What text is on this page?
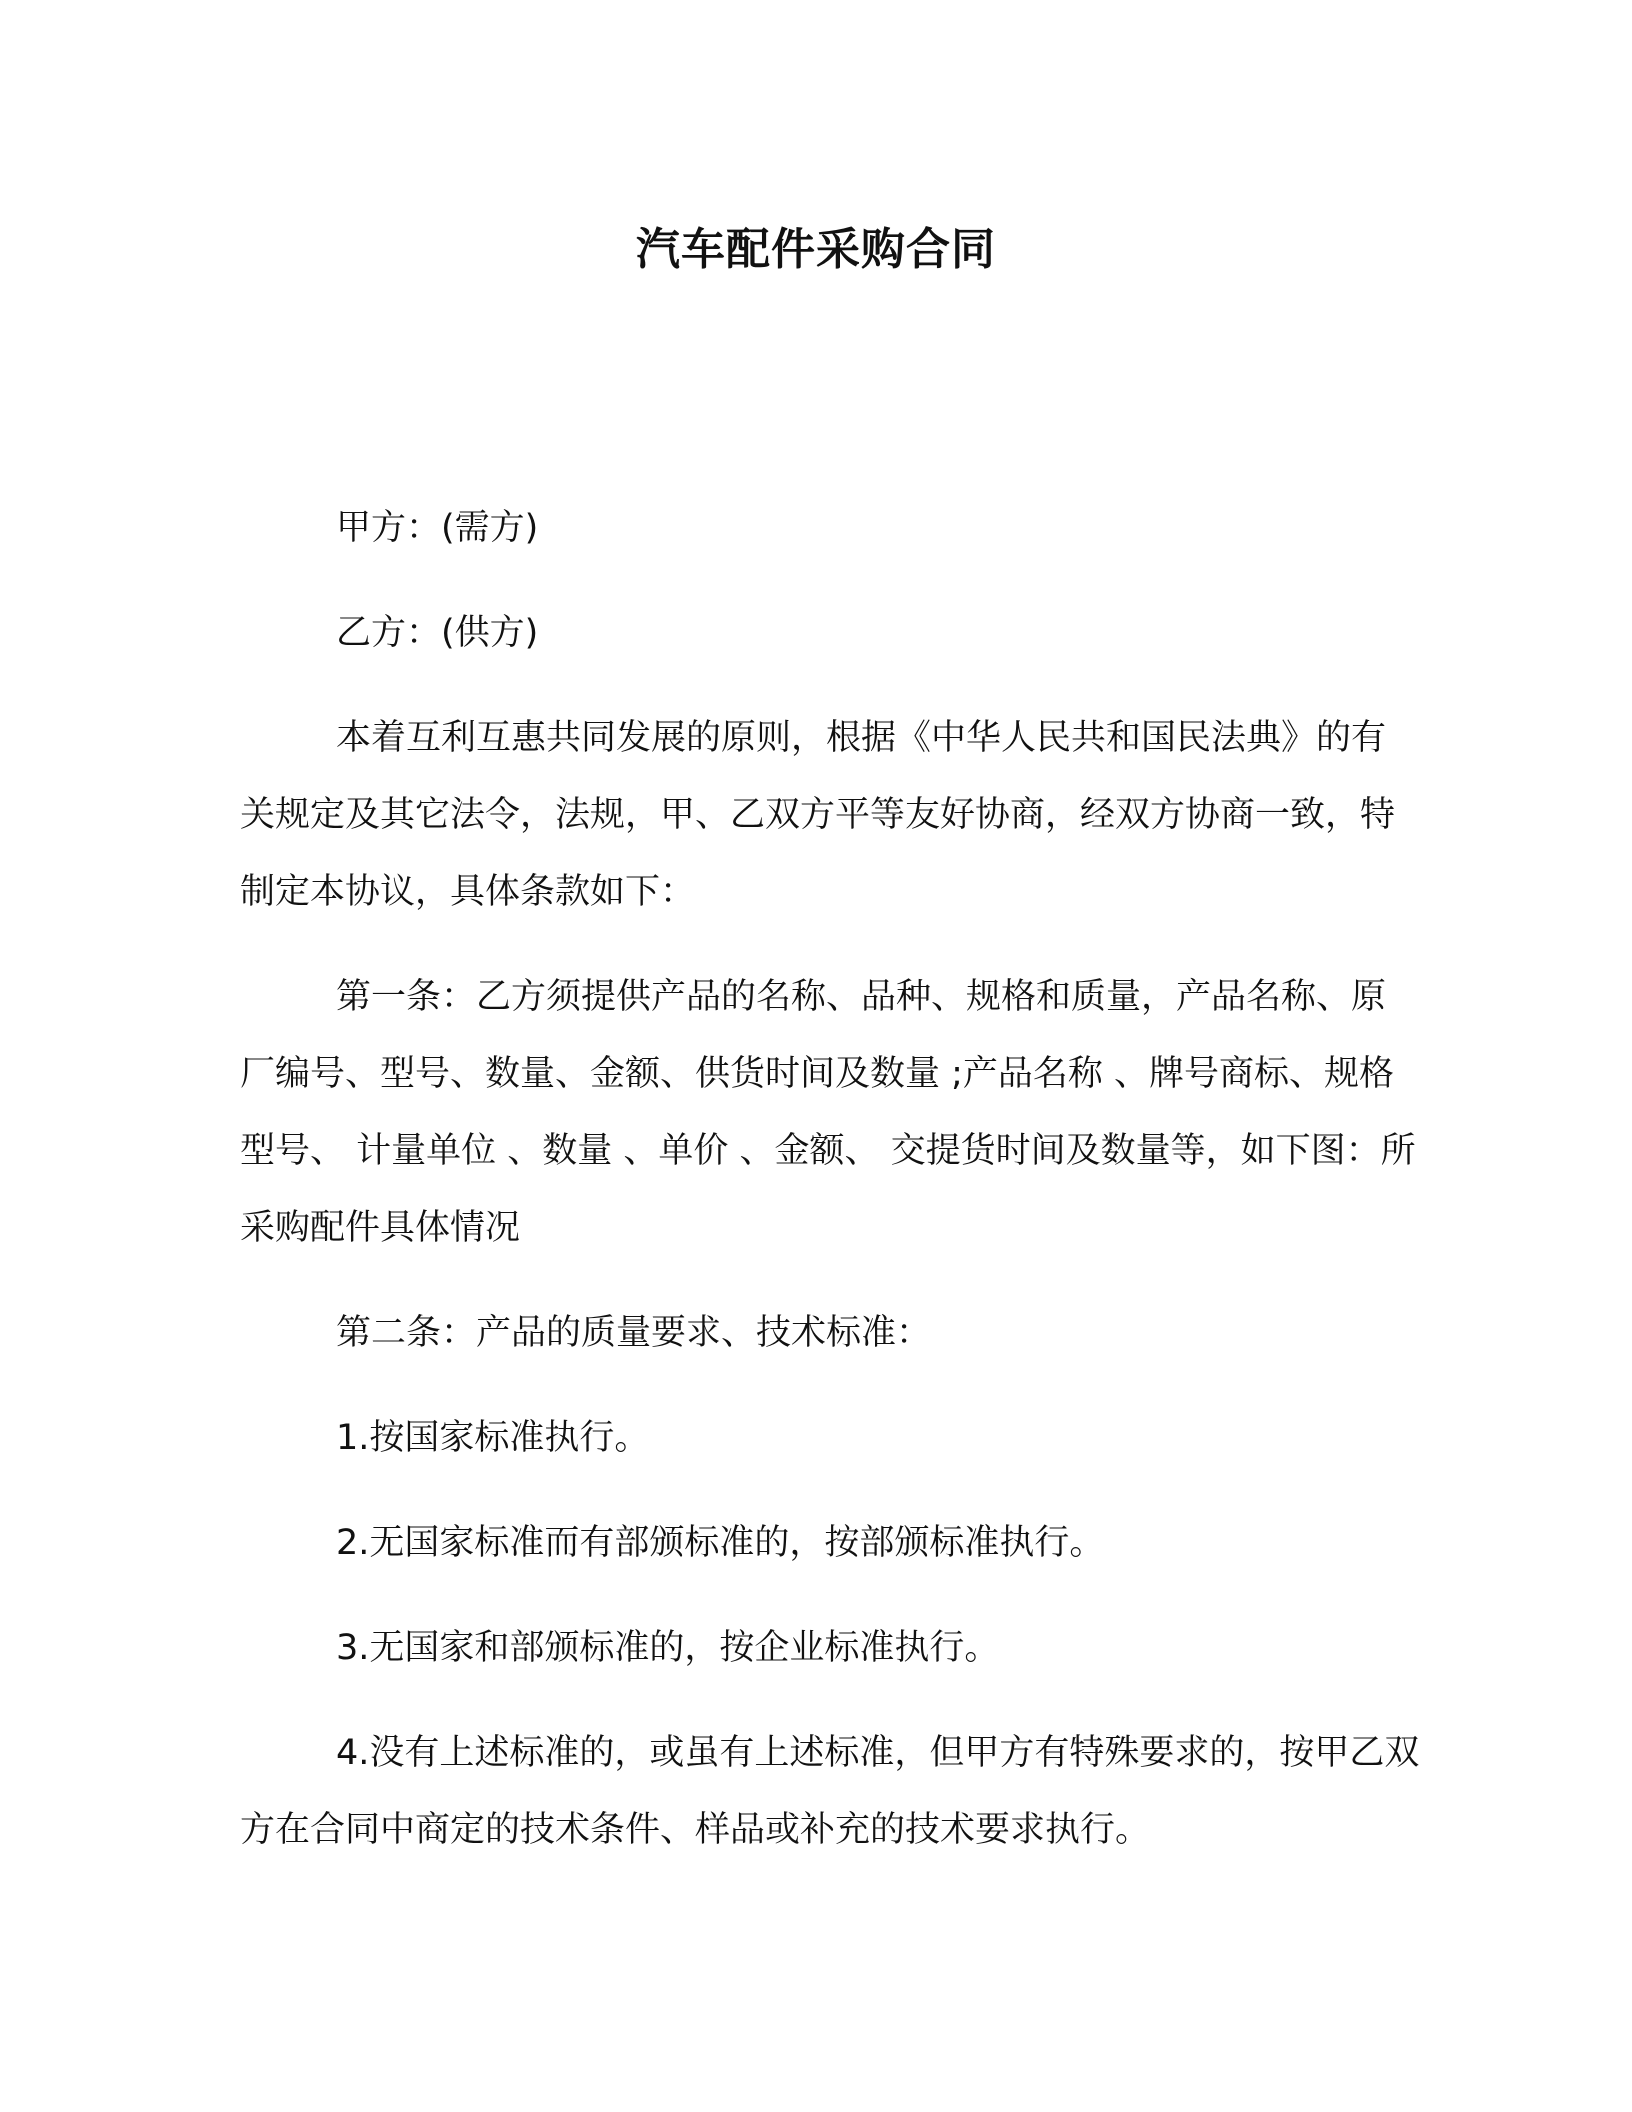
汽车配件采购合同

甲方：(需方)

乙方：(供方)

本着互利互惠共同发展的原则，根据《中华人民共和国民法典》的有关规定及其它法令，法规，甲、乙双方平等友好协商，经双方协商一致，特制定本协议，具体条款如下：

第一条：乙方须提供产品的名称、品种、规格和质量，产品名称、原厂编号、型号、数量、金额、供货时间及数量 ;产品名称 、牌号商标、规格型号、 计量单位 、数量 、单价 、金额、 交提货时间及数量等，如下图：所采购配件具体情况

第二条：产品的质量要求、技术标准：

1.按国家标准执行。

2.无国家标准而有部颁标准的，按部颁标准执行。

3.无国家和部颁标准的，按企业标准执行。

4.没有上述标准的，或虽有上述标准，但甲方有特殊要求的，按甲乙双方在合同中商定的技术条件、样品或补充的技术要求执行。
